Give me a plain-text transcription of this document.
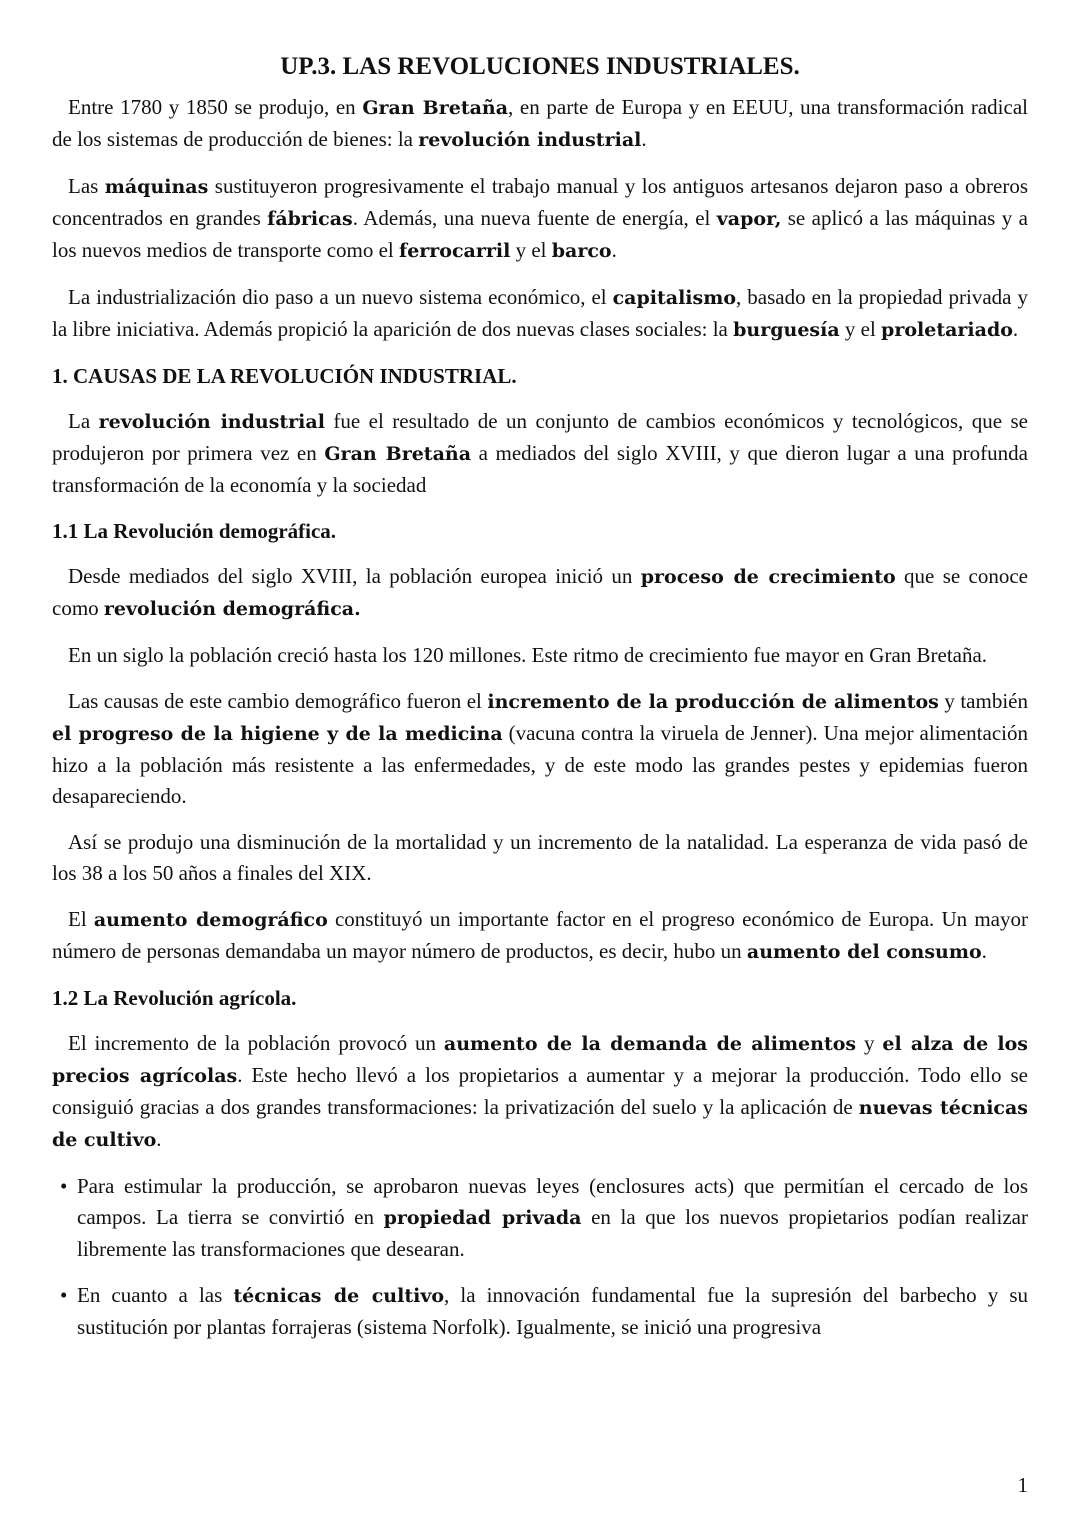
UP.3. LAS REVOLUCIONES INDUSTRIALES.

Entre 1780 y 1850 se produjo, en Gran Bretaña, en parte de Europa y en EEUU, una transformación radical de los sistemas de producción de bienes: la revolución industrial.

Las máquinas sustituyeron progresivamente el trabajo manual y los antiguos artesanos dejaron paso a obreros concentrados en grandes fábricas. Además, una nueva fuente de energía, el vapor, se aplicó a las máquinas y a los nuevos medios de transporte como el ferrocarril y el barco.

La industrialización dio paso a un nuevo sistema económico, el capitalismo, basado en la propiedad privada y la libre iniciativa. Además propició la aparición de dos nuevas clases sociales: la burguesía y el proletariado.

1. CAUSAS DE LA REVOLUCIÓN INDUSTRIAL.

La revolución industrial fue el resultado de un conjunto de cambios económicos y tecnológicos, que se produjeron por primera vez en Gran Bretaña a mediados del siglo XVIII, y que dieron lugar a una profunda transformación de la economía y la sociedad

1.1 La Revolución demográfica.

Desde mediados del siglo XVIII, la población europea inició un proceso de crecimiento que se conoce como revolución demográfica.

En un siglo la población creció hasta los 120 millones. Este ritmo de crecimiento fue mayor en Gran Bretaña.

Las causas de este cambio demográfico fueron el incremento de la producción de alimentos y también el progreso de la higiene y de la medicina (vacuna contra la viruela de Jenner). Una mejor alimentación hizo a la población más resistente a las enfermedades, y de este modo las grandes pestes y epidemias fueron desapareciendo.

Así se produjo una disminución de la mortalidad y un incremento de la natalidad. La esperanza de vida pasó de los 38 a los 50 años a finales del XIX.

El aumento demográfico constituyó un importante factor en el progreso económico de Europa. Un mayor número de personas demandaba un mayor número de productos, es decir, hubo un aumento del consumo.

1.2 La Revolución agrícola.

El incremento de la población provocó un aumento de la demanda de alimentos y el alza de los precios agrícolas. Este hecho llevó a los propietarios a aumentar y a mejorar la producción. Todo ello se consiguió gracias a dos grandes transformaciones: la privatización del suelo y la aplicación de nuevas técnicas de cultivo.

• Para estimular la producción, se aprobaron nuevas leyes (enclosures acts) que permitían el cercado de los campos. La tierra se convirtió en propiedad privada en la que los nuevos propietarios podían realizar libremente las transformaciones que desearan.
• En cuanto a las técnicas de cultivo, la innovación fundamental fue la supresión del barbecho y su sustitución por plantas forrajeras (sistema Norfolk). Igualmente, se inició una progresiva
1
